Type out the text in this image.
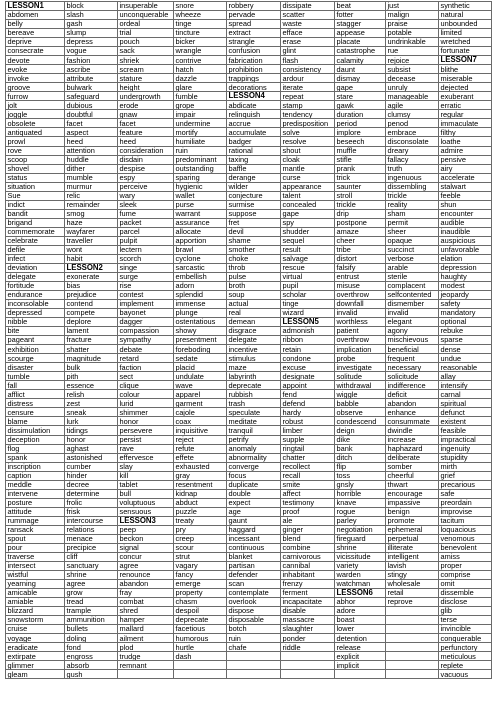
LESSON1	block	insuperable	snore	robbery	dissipate	beat	just	synthetic
abdomen	slash	unconquerable	wheeze	pervade	scatter	fotter	malign	natural
belly	gash	ordeal	tinge	spread	waste	stagger	praise	unbounded
bereave	slump	trial	tincture	extract	efface	appease	potable	limited
deprive	depress	pouch	bicker	strangle	erase	placate	undrinkable	wretched
consecrate	vogue	sack	wrangle	confusion	glint	catastrophe	rue	fortunate
devote	fashion	shriek	contrive	fabrication	flash	calamity	rejoice	LESSON7
evoke	ascribe	scream	hatch	prohibition	consistency	daunt	subsist	blithe
invoke	attribute	stature	dazzle	trappings	ardour	dismay	decease	miserable
groove	bulwark	height	glare	decorations	iterate	gape	unruly	dejected
furrow	safeguard	undergrowth	fumble	LESSON4	repeat	stare	manageable	exuberant
jolt	dubious	erode	grope	abdicate	stamp	gawk	agile	erratic
joggle	doubtful	gnaw	impair	relinquish	tendency	duration	clumsy	regular
obsolete	facet	facet	undermine	accrue	predisposition	period	penod	immaculate
antiquated	aspect	feature	mortify	accumulate	solve	implore	embrace	filthy
prowl	heed	heed	humiliate	badger	resolve	beseech	disconsolate	loathe
rove	attention	consideration	ruin	rational	shout	muffle	dreary	admire
scoop	huddle	disdain	predominant	taxing	cloak	stifle	fallacy	pensive
shovel	dither	despise	outstanding	baffle	mantle	prank	truth	airy
status	mumble	espy	sparing	derange	curse	trick	ingenuous	accelerate
situation	murmur	perceive	hygienic	wilder	appearance	saunter	dissembling	stalwart
Sue	relic	wary	wallet	conjecture	talent	stroll	trickle	feeble
indict	remainder	sleek	purse	surmise	concealed	trickle	reality	shun
bandit	smog	fume	warrant	suppose	gape	drip	sham	encounter
brigand	haze	packet	assurance	fret	spy	postpone	permit	audible
commemorate	wayfarer	parcel	allocate	devil	shudder	amaze	sheer	inaudible
celebrate	traveller	pulpit	apportion	shame	sequel	cheer	opaque	auspicious
defile	wont	lectern	brawl	smother	result	tribe	succinct	unfavorable
infect	habit	scorch	cyclone	choke	salvage	distort	verbose	elation
deviation	LESSON2	singe	sarcastic	throb	rescue	falsify	arable	depression
delegate	exonerate	surge	embellish	pulse	virtual	entrust	sterile	haughty
fortitude	bias	rise	adorn	broth	pupil	misuse	complacent	modest
endurance	prejudice	contest	splendid	soup	scholar	overthrow	selfcontented	jeopardy
inconsolable	contend	implement	immense	actual	tinge	downfall	dismember	safety
depressed	compete	bayonet	plunge	real	wizard	invalid	invalid	mandatory
nibble	deplore	dagger	ostentatious	demean	LESSON5	worthless	elegant	optional
bite	lament	compassion	showy	disgrace	admonish	patient	agony	rebuke
pageant	fracture	sympathy	presentment	delegate	ribbon	overthrow	mischievous	sparse
exhibition	shatter	debate	foreboding	incentive	retain	implication	beneficial	dense
scourge	magnitude	retard	sedate	stimulus	condone	probe	frequent	undue
disaster	bulk	faction	placid	maze	excuse	investigate	necessary	reasonable
tumble	pith	sect	undulate	labyrinth	designate	solitude	solicitude	allay
fall	essence	clique	wave	deprecate	appoint	withdrawal	indifference	intensify
afflict	relish	colour	apparel	rubbish	fend	wiggle	deficit	carnal
distress	zest	lurid	garment	trash	defend	babble	abandon	spiritual
censure	sneak	shimmer	cajole	speculate	hardy	observe	enhance	defunct
blame	lurk	honor	coax	meditate	robust	condescend	consummate	existent
dissimulation	tidings	persevere	inquisitive	tranquil	limber	deign	dwindle	feasible
deception	honor	persist	reject	petrify	supple	dike	increase	impractical
flog	aghast	rave	refute	anomaly	ringtail	bank	haphazard	ingenuity
spank	astonished	effervesce	effete	abnormality	chatter	ditch	deliberate	stupidity
inscription	cumber	slay	exhausted	converge	recollect	flip	somber	mirth
caption	hinder	kill	gray	focus	recall	toss	cheerful	grief
meddle	decree	tablet	resentment	duplicate	smite	gnsly	thwart	precarious
intervene	determine	bull	kidnap	double	affect	horrible	encourage	safe
posture	frolic	voluptuous	abduct	expect	testimony	knave	impassive	preordain
attitude	frisk	sensuous	puzzle	age	proof	rogue	benign	improvise
rummage	intercourse	LESSON3	treaty	gaunt	ale	parley	promote	tacitum
ransack	relations	peep	pry	haggard	ginger	negotiation	ephemeral	loquacious
spout	menace	beckon	creep	incessant	blend	fireguard	perpetual	venomous
pour	precipice	signal	scour	continuous	combine	shrine	illiterate	benevolent
traverse	cliff	concur	strut	blanket	carnivorous	vicissitude	intelligent	amiss
intersect	sanctuary	agree	vagary	partisan	cannibal	variety	lavish	proper
wistful	shrine	renounce	fancy	defender	inhabitant	warden	stingy	comprise
yearning	agree	abandon	emerge	scan	frenzy	watchman	wholesale	omit
amicable	grow	fray	property	contemplate	ferment	LESSON6	retail	dissemble
amiable	tread	combat	chasm	overlook	incapacitate	abhor	reprove	disclose
blizzard	trample	shred	despoil	dispose	disable	adore		glib
snowstorm	ammunition	hamper	deprecate	disposable	massacre	boast		terse
cruise	bullets	mallard	facetious	botch	slaughter	lower		invincible
voyage	doling	ailment	humorous	ruin	ponder	detention		conquerable
eradicate	fond	plod	hurtle	chafe	riddle	release		perfunctory
extirpate	engross	trudge	dash			explicit		meticulous
glimmer	absorb	remnant				implicit		replete
gleam	gush							vacuous
